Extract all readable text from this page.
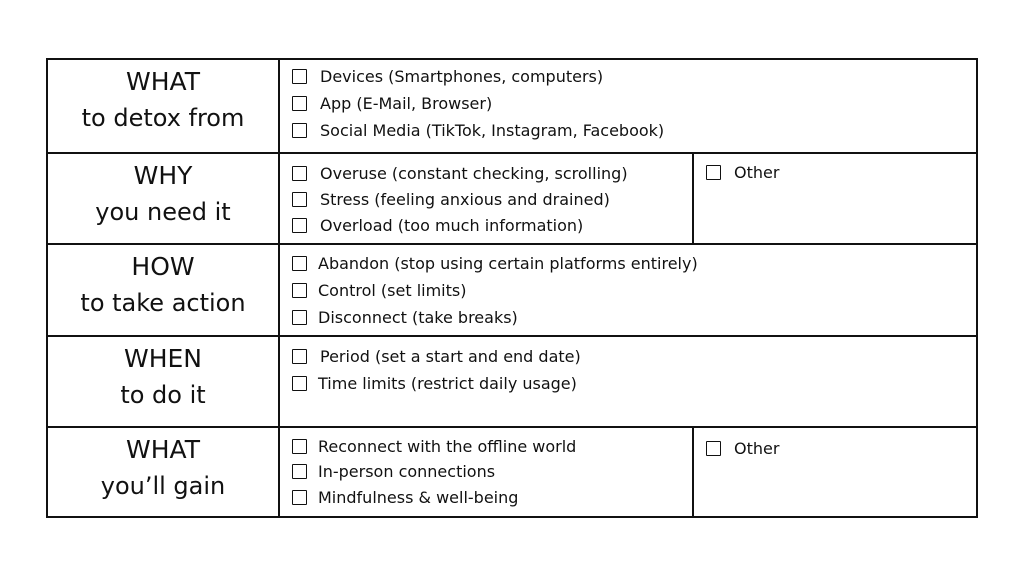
WHAT
to detox from
Devices (Smartphones, computers)
App (E-Mail, Browser)
Social Media (TikTok, Instagram, Facebook)
WHY
you need it
Overuse (constant checking, scrolling)
Stress (feeling anxious and drained)
Overload (too much information)
Other
HOW
to take action
Abandon (stop using certain platforms entirely)
Control (set limits)
Disconnect (take breaks)
WHEN
to do it
Period (set a start and end date)
Time limits (restrict daily usage)
WHAT
you’ll gain
Reconnect with the offline world
In-person connections
Mindfulness & well-being
Other
